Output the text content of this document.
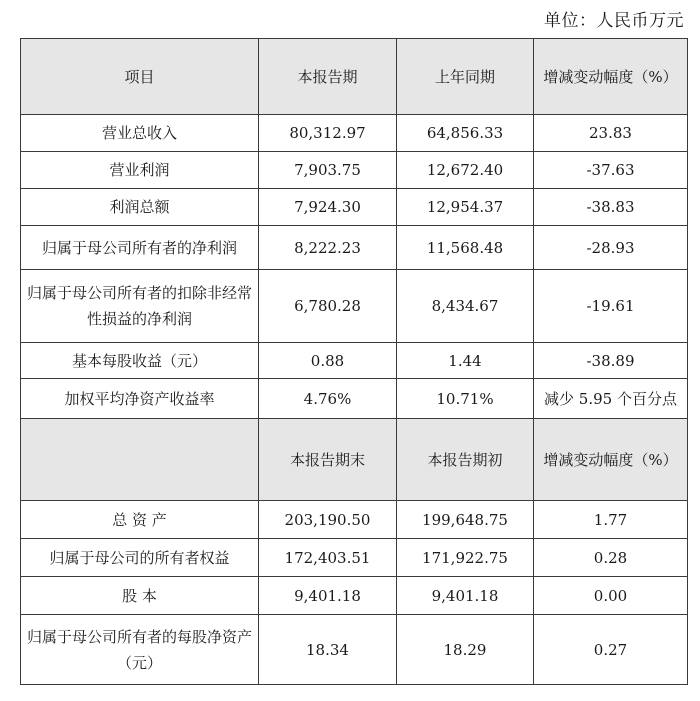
单位：人民币万元
项目	本报告期	上年同期	增减变动幅度（%）
营业总收入	80,312.97	64,856.33	23.83
营业利润	7,903.75	12,672.40	-37.63
利润总额	7,924.30	12,954.37	-38.83
归属于母公司所有者的净利润	8,222.23	11,568.48	-28.93
归属于母公司所有者的扣除非经常性损益的净利润	6,780.28	8,434.67	-19.61
基本每股收益（元）	0.88	1.44	-38.89
加权平均净资产收益率	4.76%	10.71%	减少 5.95 个百分点
	本报告期末	本报告期初	增减变动幅度（%）
总 资 产	203,190.50	199,648.75	1.77
归属于母公司的所有者权益	172,403.51	171,922.75	0.28
股 本	9,401.18	9,401.18	0.00
归属于母公司所有者的每股净资产（元）	18.34	18.29	0.27
